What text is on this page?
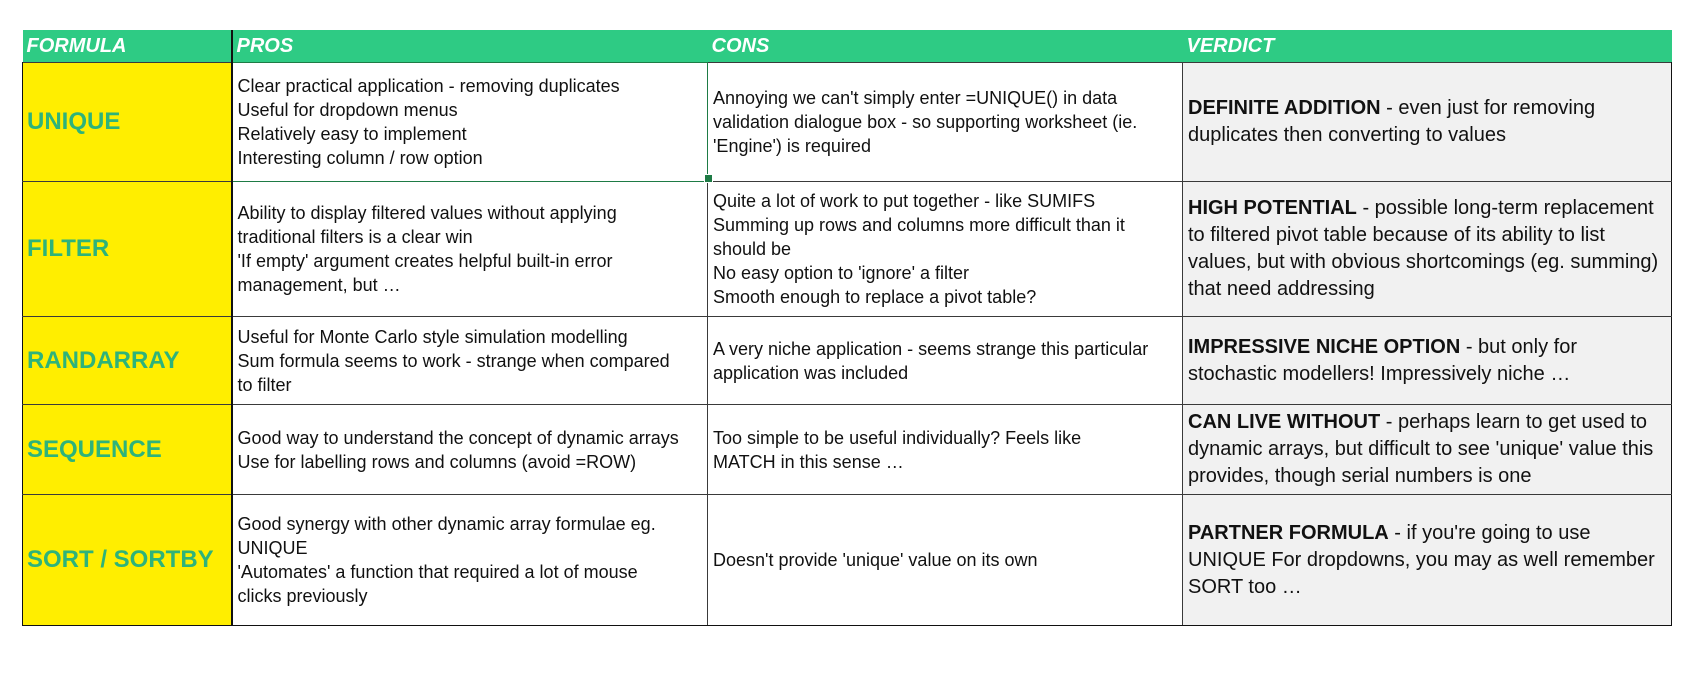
FORMULA	PROS	CONS	VERDICT
UNIQUE	Clear practical application - removing duplicates
Useful for dropdown menus
Relatively easy to implement
Interesting column / row option	Annoying we can't simply enter =UNIQUE() in data
validation dialogue box - so supporting worksheet (ie.
'Engine') is required	DEFINITE ADDITION - even just for removing duplicates then converting to values

FILTER	Ability to display filtered values without applying
traditional filters is a clear win
'If empty' argument creates helpful built-in error
management, but …	Quite a lot of work to put together - like SUMIFS
Summing up rows and columns more difficult than it
should be
No easy option to 'ignore' a filter
Smooth enough to replace a pivot table?	HIGH POTENTIAL - possible long-term replacement to filtered pivot table because of its ability to list values, but with obvious shortcomings (eg. summing) that need addressing

RANDARRAY	Useful for Monte Carlo style simulation modelling
Sum formula seems to work - strange when compared
to filter	A very niche application - seems strange this particular
application was included	IMPRESSIVE NICHE OPTION - but only for stochastic modellers! Impressively niche …

SEQUENCE	Good way to understand the concept of dynamic arrays
Use for labelling rows and columns (avoid =ROW)	Too simple to be useful individually? Feels like
MATCH in this sense …	CAN LIVE WITHOUT - perhaps learn to get used to dynamic arrays, but difficult to see 'unique' value this provides, though serial numbers is one

SORT / SORTBY	Good synergy with other dynamic array formulae eg.
UNIQUE
'Automates' a function that required a lot of mouse
clicks previously	Doesn't provide 'unique' value on its own	PARTNER FORMULA - if you're going to use UNIQUE For dropdowns, you may as well remember SORT too …
